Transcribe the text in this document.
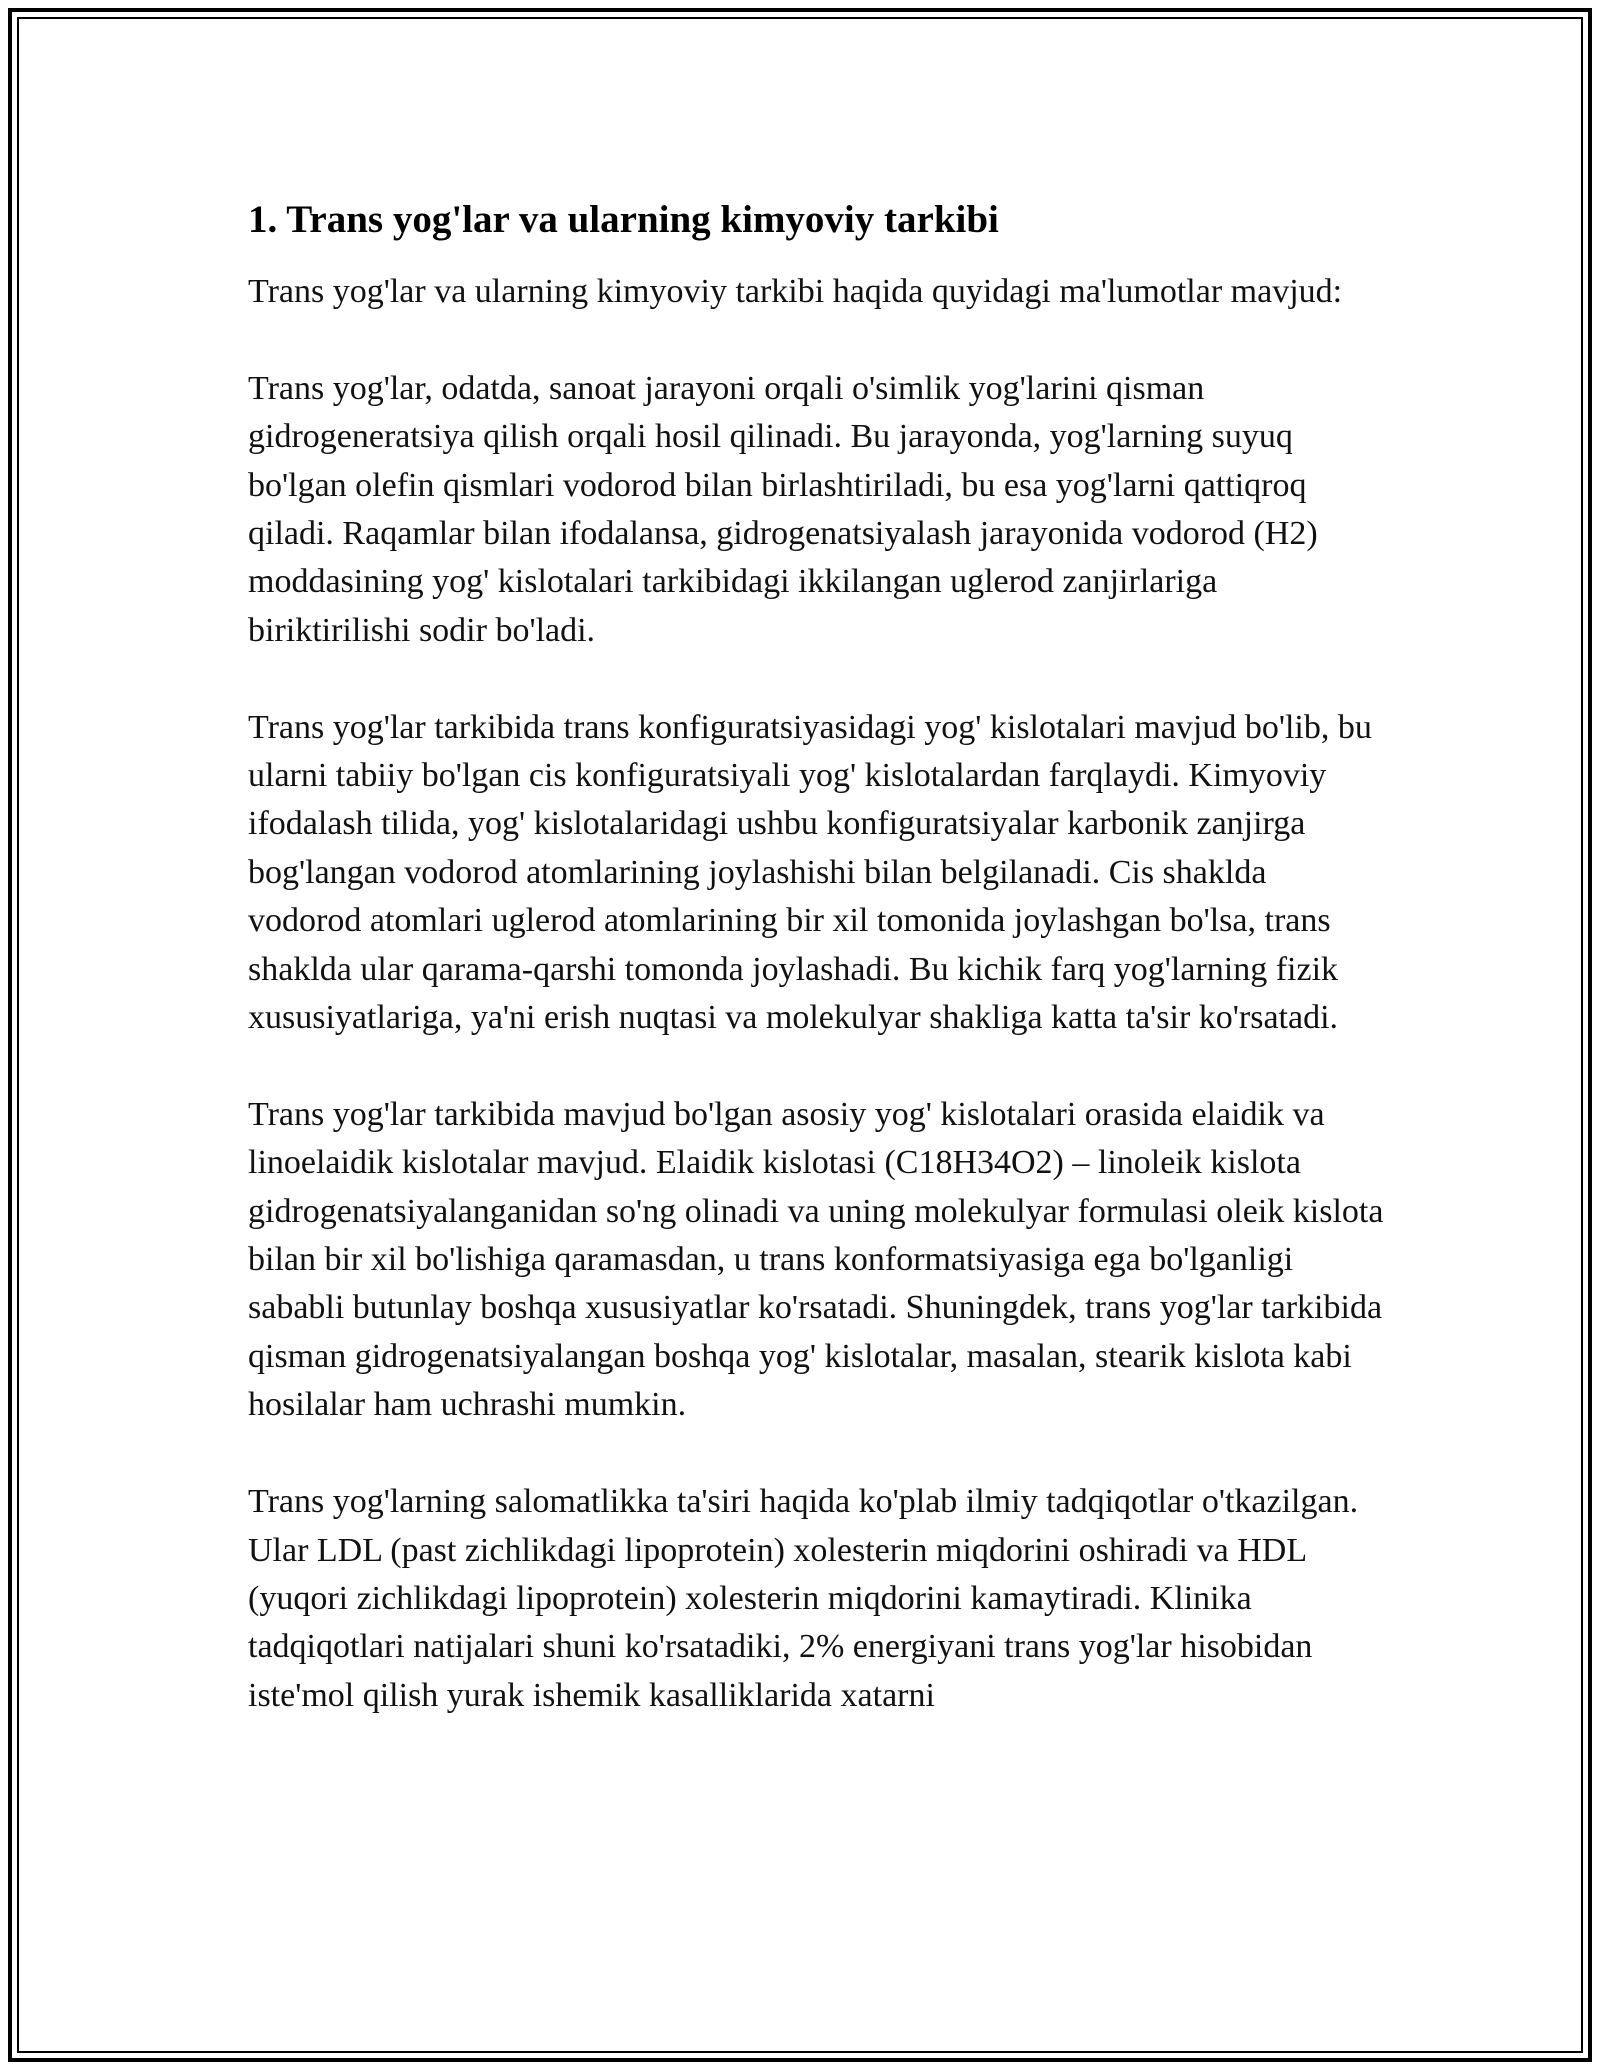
1. Trans yog'lar va ularning kimyoviy tarkibi

Trans yog'lar va ularning kimyoviy tarkibi haqida quyidagi ma'lumotlar mavjud:

Trans yog'lar, odatda, sanoat jarayoni orqali o'simlik yog'larini qisman gidrogeneratsiya qilish orqali hosil qilinadi. Bu jarayonda, yog'larning suyuq bo'lgan olefin qismlari vodorod bilan birlashtiriladi, bu esa yog'larni qattiqroq qiladi. Raqamlar bilan ifodalansa, gidrogenatsiyalash jarayonida vodorod (H2) moddasining yog' kislotalari tarkibidagi ikkilangan uglerod zanjirlariga biriktirilishi sodir bo'ladi.

Trans yog'lar tarkibida trans konfiguratsiyasidagi yog' kislotalari mavjud bo'lib, bu ularni tabiiy bo'lgan cis konfiguratsiyali yog' kislotalardan farqlaydi. Kimyoviy ifodalash tilida, yog' kislotalaridagi ushbu konfiguratsiyalar karbonik zanjirga bog'langan vodorod atomlarining joylashishi bilan belgilanadi. Cis shaklda vodorod atomlari uglerod atomlarining bir xil tomonida joylashgan bo'lsa, trans shaklda ular qarama-qarshi tomonda joylashadi. Bu kichik farq yog'larning fizik xususiyatlariga, ya'ni erish nuqtasi va molekulyar shakliga katta ta'sir ko'rsatadi.

Trans yog'lar tarkibida mavjud bo'lgan asosiy yog' kislotalari orasida elaidik va linoelaidik kislotalar mavjud. Elaidik kislotasi (C18H34O2) – linoleik kislota gidrogenatsiyalanganidan so'ng olinadi va uning molekulyar formulasi oleik kislota bilan bir xil bo'lishiga qaramasdan, u trans konformatsiyasiga ega bo'lganligi sababli butunlay boshqa xususiyatlar ko'rsatadi. Shuningdek, trans yog'lar tarkibida qisman gidrogenatsiyalangan boshqa yog' kislotalar, masalan, stearik kislota kabi hosilalar ham uchrashi mumkin.

Trans yog'larning salomatlikka ta'siri haqida ko'plab ilmiy tadqiqotlar o'tkazilgan. Ular LDL (past zichlikdagi lipoprotein) xolesterin miqdorini oshiradi va HDL (yuqori zichlikdagi lipoprotein) xolesterin miqdorini kamaytiradi. Klinika tadqiqotlari natijalari shuni ko'rsatadiki, 2% energiyani trans yog'lar hisobidan iste'mol qilish yurak ishemik kasalliklarida xatarni
